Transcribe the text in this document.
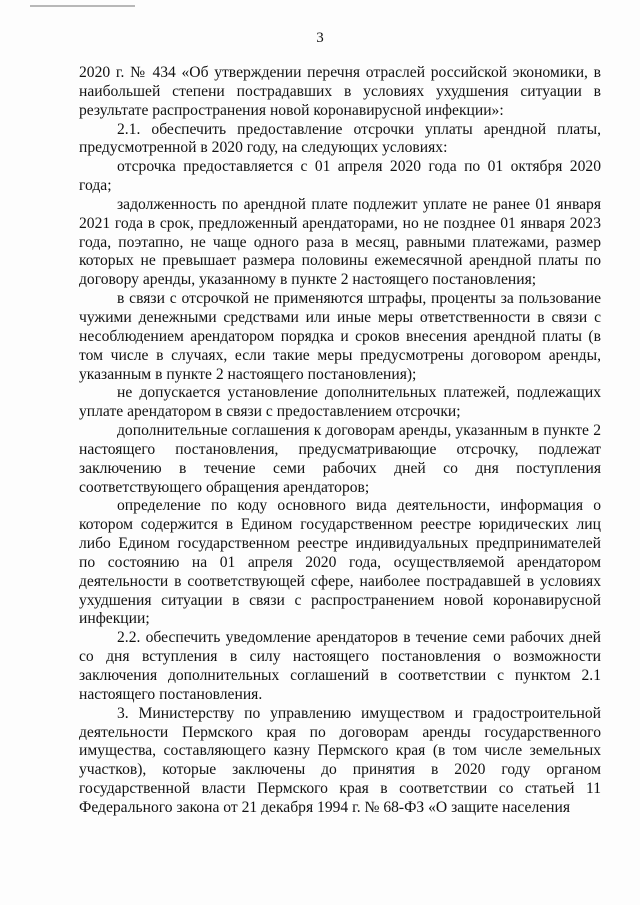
3

2020 г. № 434 «Об утверждении перечня отраслей российской экономики, в наибольшей степени пострадавших в условиях ухудшения ситуации в результате распространения новой коронавирусной инфекции»:

2.1. обеспечить предоставление отсрочки уплаты арендной платы, предусмотренной в 2020 году, на следующих условиях:

отсрочка предоставляется с 01 апреля 2020 года по 01 октября 2020 года;

задолженность по арендной плате подлежит уплате не ранее 01 января 2021 года в срок, предложенный арендаторами, но не позднее 01 января 2023 года, поэтапно, не чаще одного раза в месяц, равными платежами, размер которых не превышает размера половины ежемесячной арендной платы по договору аренды, указанному в пункте 2 настоящего постановления;

в связи с отсрочкой не применяются штрафы, проценты за пользование чужими денежными средствами или иные меры ответственности в связи с несоблюдением арендатором порядка и сроков внесения арендной платы (в том числе в случаях, если такие меры предусмотрены договором аренды, указанным в пункте 2 настоящего постановления);

не допускается установление дополнительных платежей, подлежащих уплате арендатором в связи с предоставлением отсрочки;

дополнительные соглашения к договорам аренды, указанным в пункте 2 настоящего постановления, предусматривающие отсрочку, подлежат заключению в течение семи рабочих дней со дня поступления соответствующего обращения арендаторов;

определение по коду основного вида деятельности, информация о котором содержится в Едином государственном реестре юридических лиц либо Едином государственном реестре индивидуальных предпринимателей по состоянию на 01 апреля 2020 года, осуществляемой арендатором деятельности в соответствующей сфере, наиболее пострадавшей в условиях ухудшения ситуации в связи с распространением новой коронавирусной инфекции;

2.2. обеспечить уведомление арендаторов в течение семи рабочих дней со дня вступления в силу настоящего постановления о возможности заключения дополнительных соглашений в соответствии с пунктом 2.1 настоящего постановления.

3. Министерству по управлению имуществом и градостроительной деятельности Пермского края по договорам аренды государственного имущества, составляющего казну Пермского края (в том числе земельных участков), которые заключены до принятия в 2020 году органом государственной власти Пермского края в соответствии со статьей 11 Федерального закона от 21 декабря 1994 г. № 68-ФЗ «О защите населения
